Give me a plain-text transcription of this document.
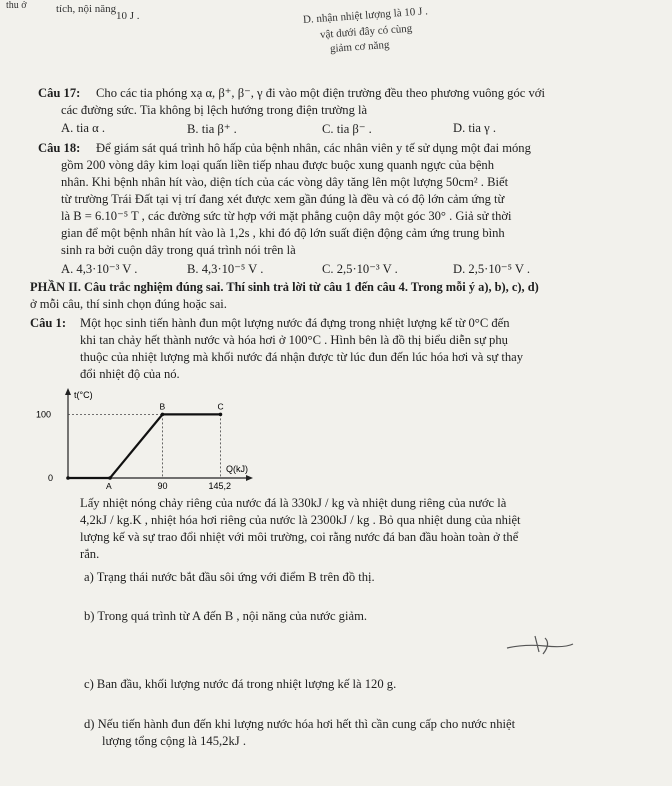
thu ở	tích, nội năng
10 J .	D. nhận nhiệt lượng là 10 J .
vật dưới đây có cùng
giảm cơ năng
Câu 17: Cho các tia phóng xạ α, β⁺, β⁻, γ đi vào một điện trường đều theo phương vuông góc với
các đường sức. Tia không bị lệch hướng trong điện trường là
A. tia α .	B. tia β⁺ .	C. tia β⁻ .	D. tia γ .
Câu 18: Để giám sát quá trình hô hấp của bệnh nhân, các nhân viên y tế sử dụng một đai móng
gồm 200 vòng dây kim loại quấn liền tiếp nhau được buộc xung quanh ngực của bệnh
nhân. Khi bệnh nhân hít vào, diện tích của các vòng dây tăng lên một lượng 50cm² . Biết
từ trường Trái Đất tại vị trí đang xét được xem gần đúng là đều và có độ lớn cảm ứng từ
là B = 6.10⁻⁵ T , các đường sức từ hợp với mặt phẳng cuộn dây một góc 30° . Giả sử thời
gian để một bệnh nhân hít vào là 1,2s , khi đó độ lớn suất điện động cảm ứng trung bình
sinh ra bởi cuộn dây trong quá trình nói trên là
A. 4,3·10⁻³ V .	B. 4,3·10⁻⁵ V .	C. 2,5·10⁻³ V .	D. 2,5·10⁻⁵ V .
PHẦN II. Câu trắc nghiệm đúng sai. Thí sinh trả lời từ câu 1 đến câu 4. Trong mỗi ý a), b), c), d)
ở mỗi câu, thí sinh chọn đúng hoặc sai.
Câu 1: Một học sinh tiến hành đun một lượng nước đá đựng trong nhiệt lượng kế từ 0°C đến
khi tan chảy hết thành nước và hóa hơi ở 100°C . Hình bên là đồ thị biểu diễn sự phụ
thuộc của nhiệt lượng mà khối nước đá nhận được từ lúc đun đến lúc hóa hơi và sự thay
đổi nhiệt độ của nó.
t(°C)
Q(kJ)
0
100
90	145,2
A
B	C
Lấy nhiệt nóng chảy riêng của nước đá là 330kJ / kg và nhiệt dung riêng của nước là
4,2kJ / kg.K , nhiệt hóa hơi riêng của nước là 2300kJ / kg . Bỏ qua nhiệt dung của nhiệt
lượng kế và sự trao đổi nhiệt với môi trường, coi rằng nước đá ban đầu hoàn toàn ở thể
rắn.
a) Trạng thái nước bắt đầu sôi ứng với điểm B trên đồ thị.
b) Trong quá trình từ A đến B , nội năng của nước giảm.
c) Ban đầu, khối lượng nước đá trong nhiệt lượng kế là 120 g.
d) Nếu tiến hành đun đến khi lượng nước hóa hơi hết thì cần cung cấp cho nước nhiệt
lượng tổng cộng là 145,2kJ .
